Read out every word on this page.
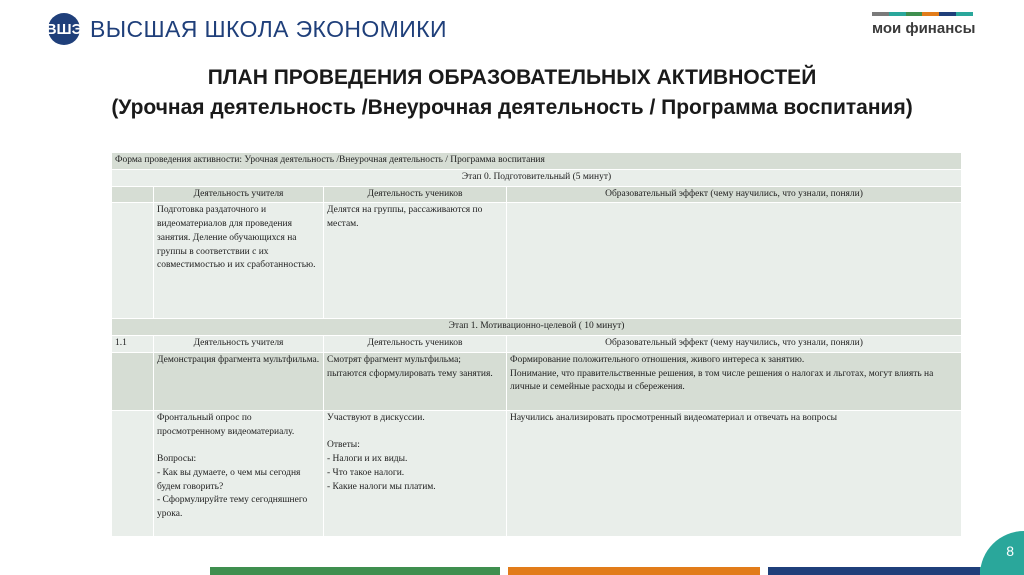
ВШЭ ВЫСШАЯ ШКОЛА ЭКОНОМИКИ	мои финансы
ПЛАН ПРОВЕДЕНИЯ ОБРАЗОВАТЕЛЬНЫХ АКТИВНОСТЕЙ
(Урочная деятельность /Внеурочная деятельность / Программа воспитания)
Форма проведения активности: Урочная деятельность /Внеурочная деятельность / Программа воспитания			
Этап 0. Подготовительный (5 минут)			
	Деятельность учителя	Деятельность учеников	Образовательный эффект (чему научились, что узнали, поняли)
	Подготовка раздаточного и видеоматериалов для проведения занятия. Деление обучающихся на группы в соответствии с их совместимостью и их сработанностью.	Делятся на группы, рассаживаются по местам.	
Этап 1. Мотивационно-целевой ( 10 минут)			
1.1	Деятельность учителя	Деятельность учеников	Образовательный эффект (чему научились, что узнали, поняли)
	Демонстрация фрагмента мультфильма.	Смотрят фрагмент мультфильма; пытаются сформулировать тему занятия.	Формирование положительного отношения, живого интереса к занятию.
Понимание, что правительственные решения, в том числе решения о налогах и льготах, могут влиять на личные и семейные расходы и сбережения.
	Фронтальный опрос по просмотренному видеоматериалу.

Вопросы:
- Как вы думаете, о чем мы сегодня будем говорить?
- Сформулируйте тему сегодняшнего урока.	Участвуют в дискуссии.

Ответы:
- Налоги и их виды.
- Что такое налоги.
- Какие налоги мы платим.	Научились анализировать просмотренный видеоматериал и отвечать на вопросы
8
